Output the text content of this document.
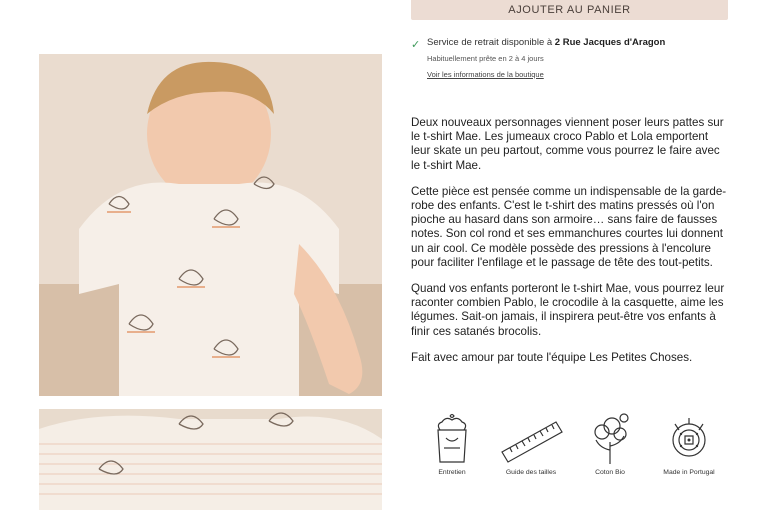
AJOUTER AU PANIER
✓ Service de retrait disponible à 2 Rue Jacques d'Aragon
Habituellement prête en 2 à 4 jours
Voir les informations de la boutique

Deux nouveaux personnages viennent poser leurs pattes sur le t-shirt Mae. Les jumeaux croco Pablo et Lola emportent leur skate un peu partout, comme vous pourrez le faire avec le t-shirt Mae.

Cette pièce est pensée comme un indispensable de la garde-robe des enfants. C'est le t-shirt des matins pressés où l'on pioche au hasard dans son armoire… sans faire de fausses notes. Son col rond et ses emmanchures courtes lui donnent un air cool. Ce modèle possède des pressions à l'encolure pour faciliter l'enfilage et le passage de tête des tout-petits.

Quand vos enfants porteront le t-shirt Mae, vous pourrez leur raconter combien Pablo, le crocodile à la casquette, aime les légumes. Sait-on jamais, il inspirera peut-être vos enfants à finir ces satanés brocolis.

Fait avec amour par toute l'équipe Les Petites Choses.

Entretien	Guide des tailles	Coton Bio	Made in Portugal
